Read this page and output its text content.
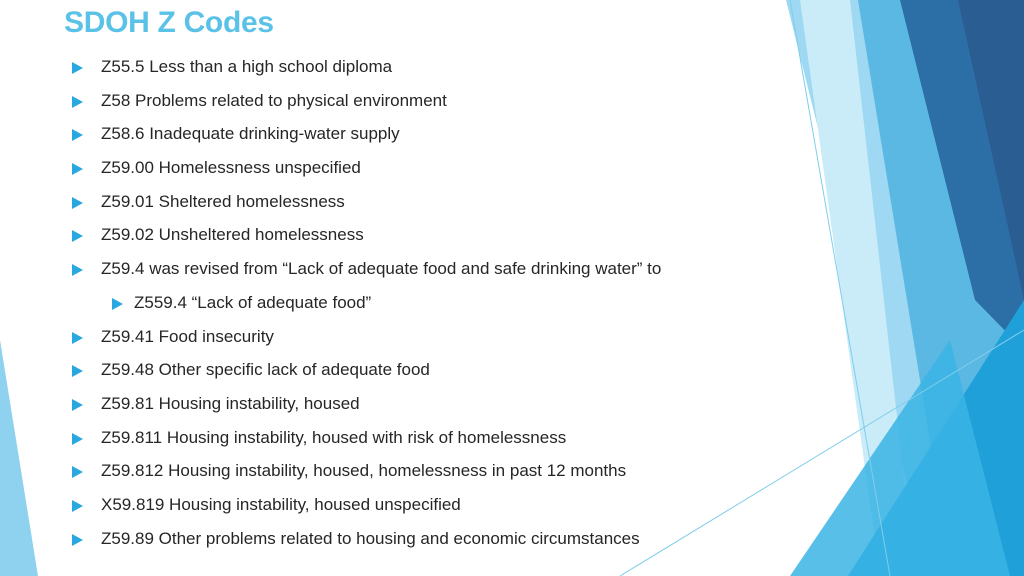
SDOH Z Codes
Z55.5 Less than a high school diploma
Z58 Problems related to physical environment
Z58.6 Inadequate drinking-water supply
Z59.00 Homelessness unspecified
Z59.01 Sheltered homelessness
Z59.02 Unsheltered homelessness
Z59.4 was revised from “Lack of adequate food and safe drinking water” to
Z559.4 “Lack of adequate food”
Z59.41 Food insecurity
Z59.48 Other specific lack of adequate food
Z59.81 Housing instability, housed
Z59.811 Housing instability, housed with risk of homelessness
Z59.812 Housing instability, housed, homelessness in past 12 months
X59.819 Housing instability, housed unspecified
Z59.89 Other problems related to housing and economic circumstances
